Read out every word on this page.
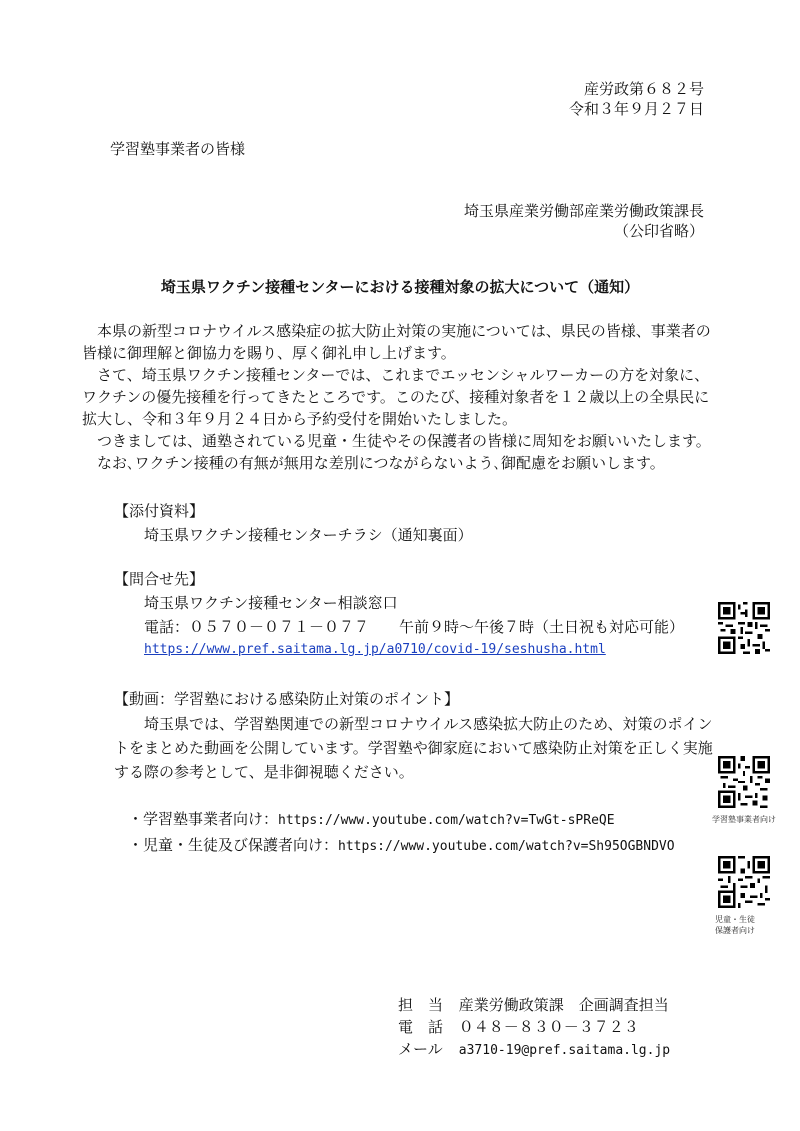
産労政第６８２号
令和３年９月２７日
学習塾事業者の皆様
埼玉県産業労働部産業労働政策課長
（公印省略）
埼玉県ワクチン接種センターにおける接種対象の拡大について（通知）

本県の新型コロナウイルス感染症の拡大防止対策の実施については、県民の皆様、事業者の皆様に御理解と御協力を賜り、厚く御礼申し上げます。

さて、埼玉県ワクチン接種センターでは、これまでエッセンシャルワーカーの方を対象に、ワクチンの優先接種を行ってきたところです。このたび、接種対象者を１２歳以上の全県民に拡大し、令和３年９月２４日から予約受付を開始いたしました。

つきましては、通塾されている児童・生徒やその保護者の皆様に周知をお願いいたします。

なお､ワクチン接種の有無が無用な差別につながらないよう､御配慮をお願いします。

【添付資料】
埼玉県ワクチン接種センターチラシ（通知裏面）
【問合せ先】
埼玉県ワクチン接種センター相談窓口
電話：０５７０－０７１－０７７　　午前９時～午後７時（土日祝も対応可能）
https://www.pref.saitama.lg.jp/a0710/covid-19/seshusha.html
【動画：学習塾における感染防止対策のポイント】
埼玉県では、学習塾関連での新型コロナウイルス感染拡大防止のため、対策のポイントをまとめた動画を公開しています。学習塾や御家庭において感染防止対策を正しく実施する際の参考として、是非御視聴ください。
・学習塾事業者向け：https://www.youtube.com/watch?v=TwGt-sPReQE
・児童・生徒及び保護者向け：https://www.youtube.com/watch?v=Sh95OGBNDVO
学習塾事業者向け
児童・生徒
保護者向け
担　当 産業労働政策課　企画調査担当
電　話 ０４８－８３０－３７２３
メール a3710-19@pref.saitama.lg.jp
